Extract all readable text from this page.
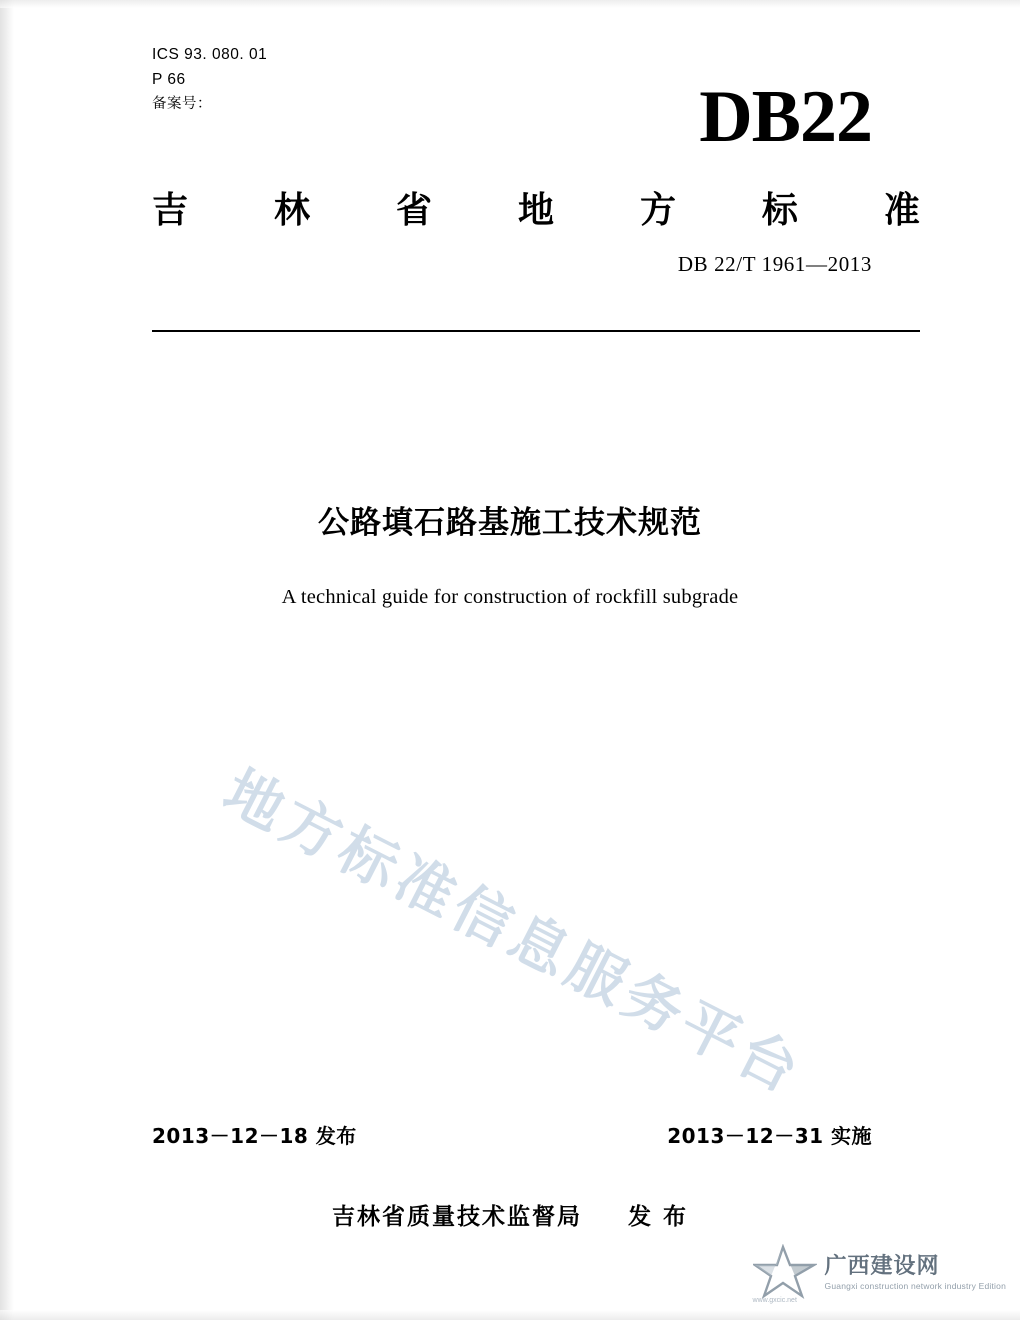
ICS 93. 080. 01
P 66
备案号：	DB22
吉 林 省 地 方 标 准
DB 22/T 1961—2013
公路填石路基施工技术规范
A technical guide for construction of rockfill subgrade
地方标准信息服务平台
2013－12－18 发布	2013－12－31 实施
吉林省质量技术监督局 发 布
www.gxcic.net
广西建设网
Guangxi construction network industry Edition
